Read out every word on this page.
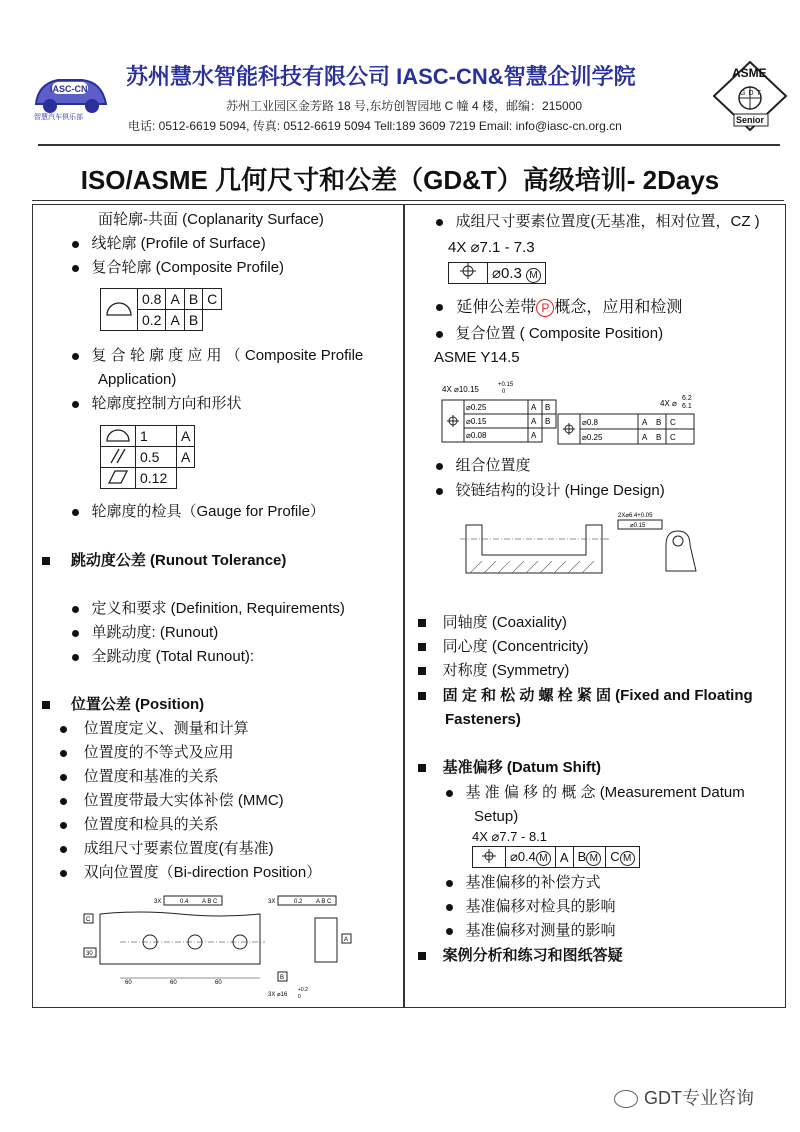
IASC-CN
智慧汽车俱乐部
苏州慧水智能科技有限公司 IASC-CN&智慧企训学院
苏州工业园区金芳路 18 号,东坊创智园地 C 幢 4 楼，邮编：215000
电话: 0512-6619 5094, 传真: 0512-6619 5094 Tell:189 3609 7219 Email: info@iasc-cn.org.cn
ASME
GDT
Senior
ISO/ASME 几何尺寸和公差（GD&T）高级培训- 2Days
面轮廓-共面 (Coplanarity Surface)
线轮廓 (Profile of Surface)
复合轮廓 (Composite Profile)
	0.8	A	B	C
	0.2	A	B	
复 合 轮 廓 度 应 用 （ Composite Profile
Application)
轮廓度控制方向和形状
	1	A
	0.5	A
	0.12	
轮廓度的检具（Gauge for Profile）
跳动度公差 (Runout Tolerance)
定义和要求 (Definition, Requirements)
单跳动度: (Runout)
全跳动度 (Total Runout):
位置公差 (Position)
位置度定义、测量和计算
位置度的不等式及应用
位置度和基准的关系
位置度带最大实体补偿 (MMC)
位置度和检具的关系
成组尺寸要素位置度(有基准)
双向位置度（Bi-direction Position）
3X	0.4 A B C	3X	0.2 A B C
C
30
60	60	60
A
B
3X ⌀16
+0.2
0
成组尺寸要素位置度(无基准，相对位置，CZ )
4X ⌀7.1 - 7.3
	⌀0.3 M
延伸公差带 P 概念，应用和检测
复合位置 ( Composite Position)
ASME Y14.5
4X ⌀10.15	+0.15
0
⌀0.25	A B
⌀0.15	A B
⌀0.08	A
4X ⌀
6.2
6.1
⌀0.8	A B C
⌀0.25	A B C
组合位置度
铰链结构的设计 (Hinge Design)
2X⌀6.4+0.05
⌀0.15
同轴度 (Coaxiality)
同心度 (Concentricity)
对称度 (Symmetry)
固 定 和 松 动 螺 栓 紧 固 (Fixed and Floating
Fasteners)
基准偏移 (Datum Shift)
基 准 偏 移 的 概 念 (Measurement Datum
Setup)
4X ⌀7.7 - 8.1
	⌀0.4 M	A	B M	C M
基准偏移的补偿方式
基准偏移对检具的影响
基准偏移对测量的影响
案例分析和练习和图纸答疑
GDT专业咨询
